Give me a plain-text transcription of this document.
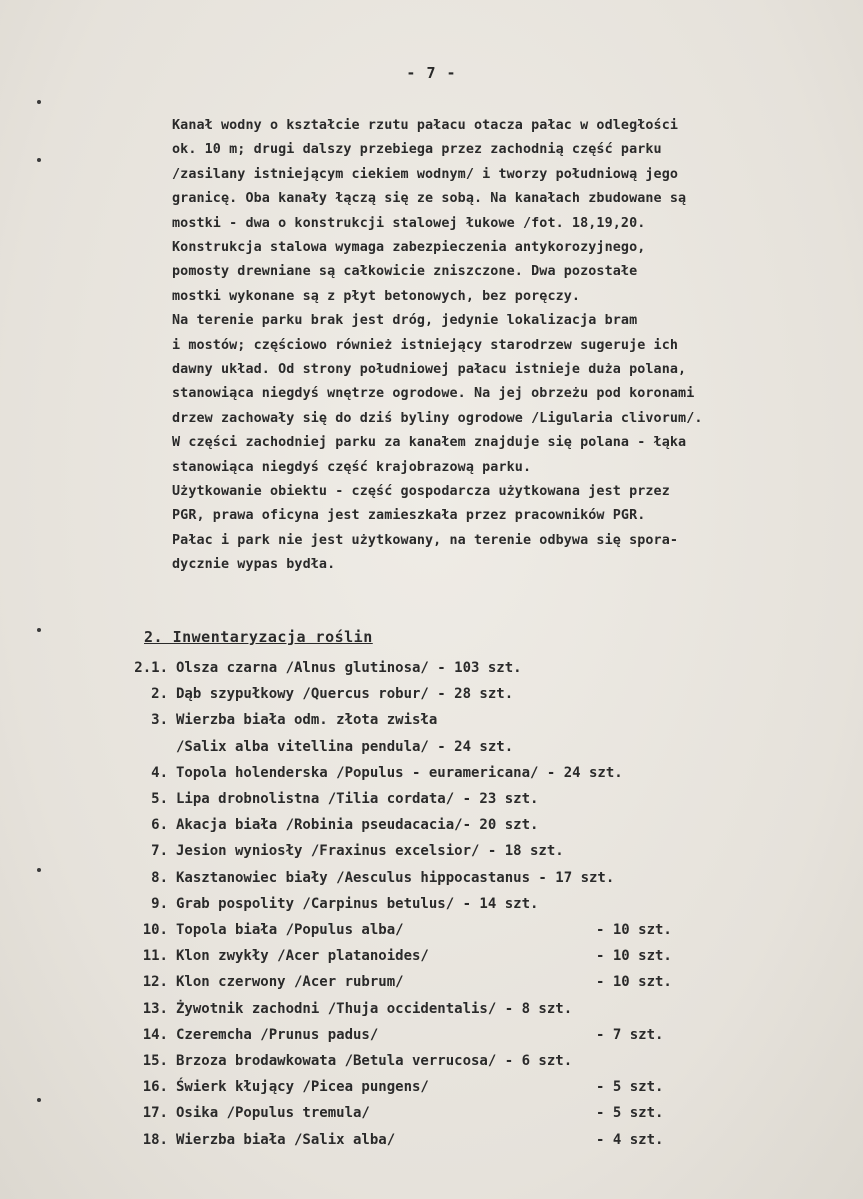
- 7 -
Kanał wodny o kształcie rzutu pałacu otacza pałac w odległości
ok. 10 m; drugi dalszy przebiega przez zachodnią część parku
/zasilany istniejącym ciekiem wodnym/ i tworzy południową jego
granicę. Oba kanały łączą się ze sobą. Na kanałach zbudowane są
mostki - dwa o konstrukcji stalowej łukowe /fot. 18,19,20.
Konstrukcja stalowa wymaga zabezpieczenia antykorozyjnego,
pomosty drewniane są całkowicie zniszczone. Dwa pozostałe
mostki wykonane są z płyt betonowych, bez poręczy.
Na terenie parku brak jest dróg, jedynie lokalizacja bram
i mostów; częściowo również istniejący starodrzew sugeruje ich
dawny układ. Od strony południowej pałacu istnieje duża polana,
stanowiąca niegdyś wnętrze ogrodowe. Na jej obrzeżu pod koronami
drzew zachowały się do dziś byliny ogrodowe /Ligularia clivorum/.
W części zachodniej parku za kanałem znajduje się polana - łąka
stanowiąca niegdyś część krajobrazową parku.
Użytkowanie obiektu - część gospodarcza użytkowana jest przez
PGR, prawa oficyna jest zamieszkała przez pracowników PGR.
Pałac i park nie jest użytkowany, na terenie odbywa się spora-
dycznie wypas bydła.
2. Inwentaryzacja roślin
2.1. Olsza czarna /Alnus glutinosa/ - 103 szt.
2. Dąb szypułkowy /Quercus robur/ - 28 szt.
3. Wierzba biała odm. złota zwisła
/Salix alba vitellina pendula/ - 24 szt.
4. Topola holenderska /Populus - euramericana/ - 24 szt.
5. Lipa drobnolistna /Tilia cordata/ - 23 szt.
6. Akacja biała /Robinia pseudacacia/- 20 szt.
7. Jesion wyniosły /Fraxinus excelsior/ - 18 szt.
8. Kasztanowiec biały /Aesculus hippocastanus - 17 szt.
9. Grab pospolity /Carpinus betulus/ - 14 szt.
10. Topola biała /Populus alba/	- 10 szt.
11. Klon zwykły /Acer platanoides/	- 10 szt.
12. Klon czerwony /Acer rubrum/	- 10 szt.
13. Żywotnik zachodni /Thuja occidentalis/ - 8 szt.
14. Czeremcha /Prunus padus/	- 7 szt.
15. Brzoza brodawkowata /Betula verrucosa/ - 6 szt.
16. Świerk kłujący /Picea pungens/	- 5 szt.
17. Osika /Populus tremula/	- 5 szt.
18. Wierzba biała /Salix alba/	- 4 szt.
